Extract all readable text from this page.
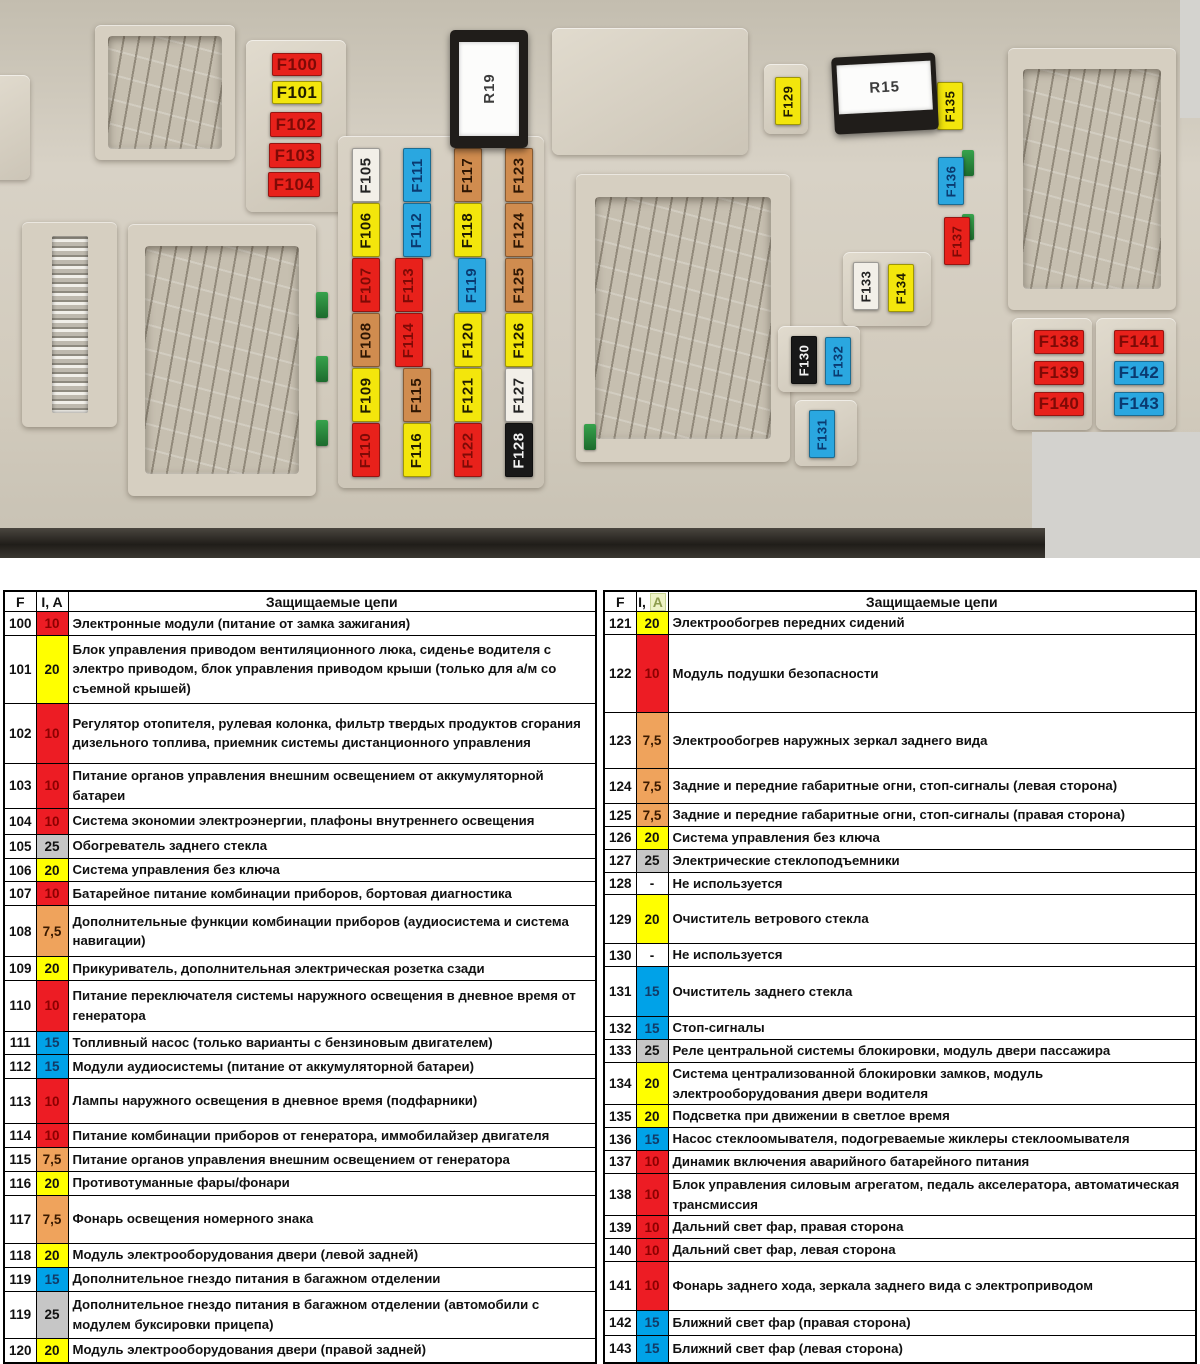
F100
F101
F102
F103
F104	F105
F106
F107
F108
F109
F110
F111
F112
F113
F114
F115
F116
F117
F118
F119
F120
F121
F122
F123
F124
F125
F126
F127
F128
F129	F135
F136
F137
F133 F134
F130 F132
F131
F138
F139
F140
F141
F142
F143
R19	R15
F	I, A	Защищаемые цепи
100	10	Электронные модули (питание от замка зажигания)
101	20	Блок управления приводом вентиляционного люка, сиденье водителя с электро приводом, блок управления приводом крыши (только для а/м со съемной крышей)
102	10	Регулятор отопителя, рулевая колонка, фильтр твердых продуктов сгорания дизельного топлива, приемник системы дистанционного управления
103	10	Питание органов управления внешним освещением от аккумуляторной батареи
104	10	Система экономии электроэнергии, плафоны внутреннего освещения
105	25	Обогреватель заднего стекла
106	20	Система управления без ключа
107	10	Батарейное питание комбинации приборов, бортовая диагностика
108	7,5	Дополнительные функции комбинации приборов (аудиосистема и система навигации)
109	20	Прикуриватель, дополнительная электрическая розетка сзади
110	10	Питание переключателя системы наружного освещения в дневное время от генератора
111	15	Топливный насос (только варианты с бензиновым двигателем)
112	15	Модули аудиосистемы (питание от аккумуляторной батареи)
113	10	Лампы наружного освещения в дневное время (подфарники)
114	10	Питание комбинации приборов от генератора, иммобилайзер двигателя
115	7,5	Питание органов управления внешним освещением от генератора
116	20	Противотуманные фары/фонари
117	7,5	Фонарь освещения номерного знака
118	20	Модуль электрооборудования двери (левой задней)
119	15	Дополнительное гнездо питания в багажном отделении
119	25	Дополнительное гнездо питания в багажном отделении (автомобили с модулем буксировки прицепа)
120	20	Модуль электрооборудования двери (правой задней)
F	I, A	Защищаемые цепи
121	20	Электрообогрев передних сидений
122	10	Модуль подушки безопасности
123	7,5	Электрообогрев наружных зеркал заднего вида
124	7,5	Задние и передние габаритные огни, стоп-сигналы (левая сторона)
125	7,5	Задние и передние габаритные огни, стоп-сигналы (правая сторона)
126	20	Система управления без ключа
127	25	Электрические стеклоподъемники
128	-	Не используется
129	20	Очиститель ветрового стекла
130	-	Не используется
131	15	Очиститель заднего стекла
132	15	Стоп-сигналы
133	25	Реле центральной системы блокировки, модуль двери пассажира
134	20	Система централизованной блокировки замков, модуль электрооборудования двери водителя
135	20	Подсветка при движении в светлое время
136	15	Насос стеклоомывателя, подогреваемые жиклеры стеклоомывателя
137	10	Динамик включения аварийного батарейного питания
138	10	Блок управления силовым агрегатом, педаль акселератора, автоматическая трансмиссия
139	10	Дальний свет фар, правая сторона
140	10	Дальний свет фар, левая сторона
141	10	Фонарь заднего хода, зеркала заднего вида с электроприводом
142	15	Ближний свет фар (правая сторона)
143	15	Ближний свет фар (левая сторона)
